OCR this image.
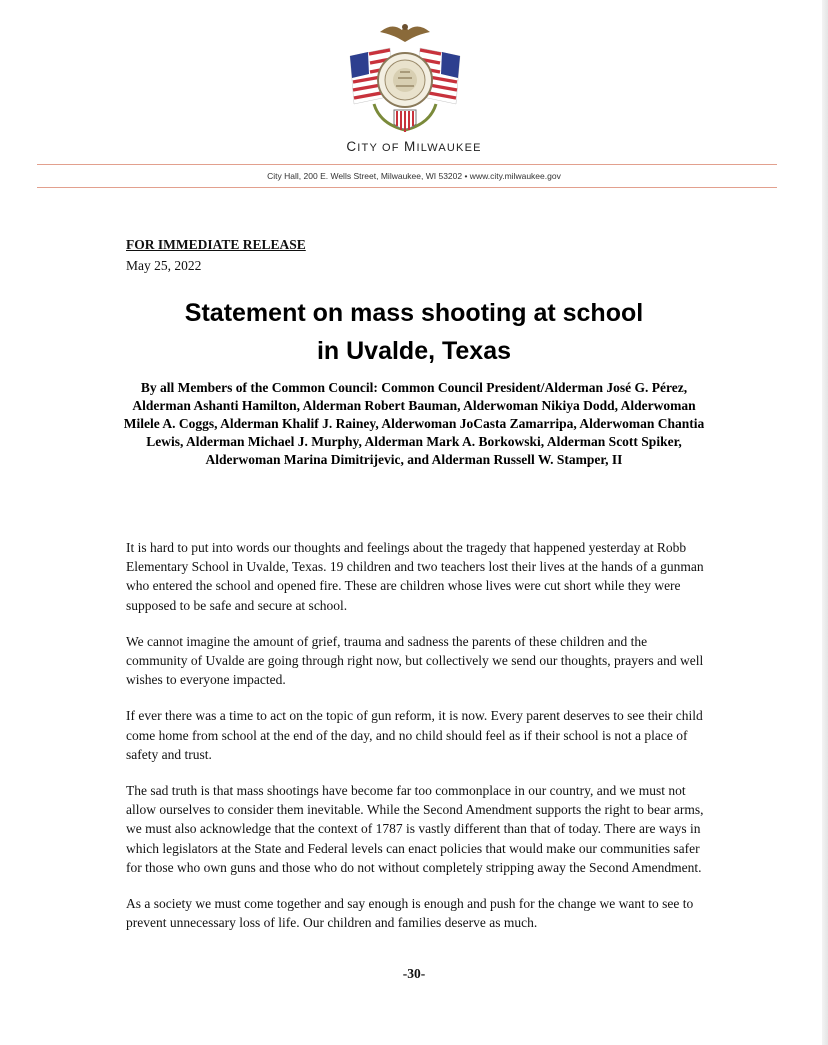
CITY OF MILWAUKEE
City Hall, 200 E. Wells Street, Milwaukee, WI 53202 • www.city.milwaukee.gov
FOR IMMEDIATE RELEASE
May 25, 2022
Statement on mass shooting at school
in Uvalde, Texas
By all Members of the Common Council: Common Council President/Alderman José G. Pérez, Alderman Ashanti Hamilton, Alderman Robert Bauman, Alderwoman Nikiya Dodd, Alderwoman Milele A. Coggs, Alderman Khalif J. Rainey, Alderwoman JoCasta Zamarripa, Alderwoman Chantia Lewis, Alderman Michael J. Murphy, Alderman Mark A. Borkowski, Alderman Scott Spiker, Alderwoman Marina Dimitrijevic, and Alderman Russell W. Stamper, II

It is hard to put into words our thoughts and feelings about the tragedy that happened yesterday at Robb Elementary School in Uvalde, Texas. 19 children and two teachers lost their lives at the hands of a gunman who entered the school and opened fire. These are children whose lives were cut short while they were supposed to be safe and secure at school.

We cannot imagine the amount of grief, trauma and sadness the parents of these children and the community of Uvalde are going through right now, but collectively we send our thoughts, prayers and well wishes to everyone impacted.

If ever there was a time to act on the topic of gun reform, it is now. Every parent deserves to see their child come home from school at the end of the day, and no child should feel as if their school is not a place of safety and trust.

The sad truth is that mass shootings have become far too commonplace in our country, and we must not allow ourselves to consider them inevitable. While the Second Amendment supports the right to bear arms, we must also acknowledge that the context of 1787 is vastly different than that of today. There are ways in which legislators at the State and Federal levels can enact policies that would make our communities safer for those who own guns and those who do not without completely stripping away the Second Amendment.

As a society we must come together and say enough is enough and push for the change we want to see to prevent unnecessary loss of life. Our children and families deserve as much.

-30-
